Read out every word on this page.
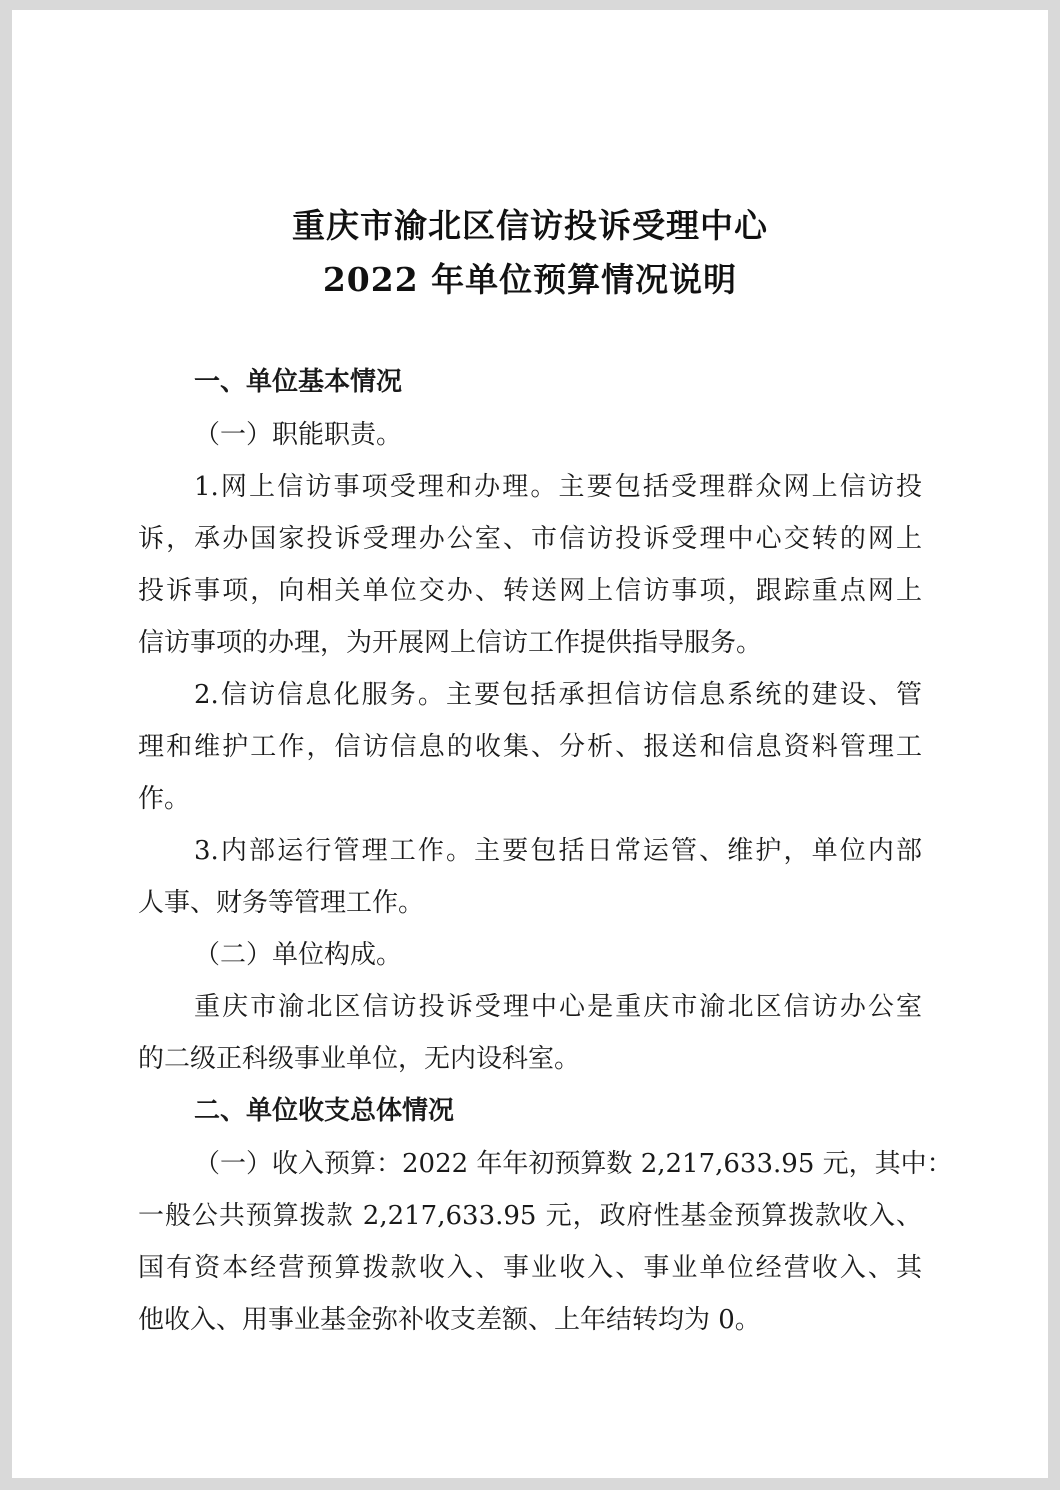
重庆市渝北区信访投诉受理中心
2022 年单位预算情况说明
一、单位基本情况
（一）职能职责。
1.网上信访事项受理和办理。主要包括受理群众网上信访投
诉，承办国家投诉受理办公室、市信访投诉受理中心交转的网上
投诉事项，向相关单位交办、转送网上信访事项，跟踪重点网上
信访事项的办理，为开展网上信访工作提供指导服务。
2.信访信息化服务。主要包括承担信访信息系统的建设、管
理和维护工作，信访信息的收集、分析、报送和信息资料管理工
作。
3.内部运行管理工作。主要包括日常运管、维护，单位内部
人事、财务等管理工作。
（二）单位构成。
重庆市渝北区信访投诉受理中心是重庆市渝北区信访办公室
的二级正科级事业单位，无内设科室。
二、单位收支总体情况
（一）收入预算：2022 年年初预算数 2,217,633.95 元，其中：
一般公共预算拨款 2,217,633.95 元，政府性基金预算拨款收入、
国有资本经营预算拨款收入、事业收入、事业单位经营收入、其
他收入、用事业基金弥补收支差额、上年结转均为 0。
